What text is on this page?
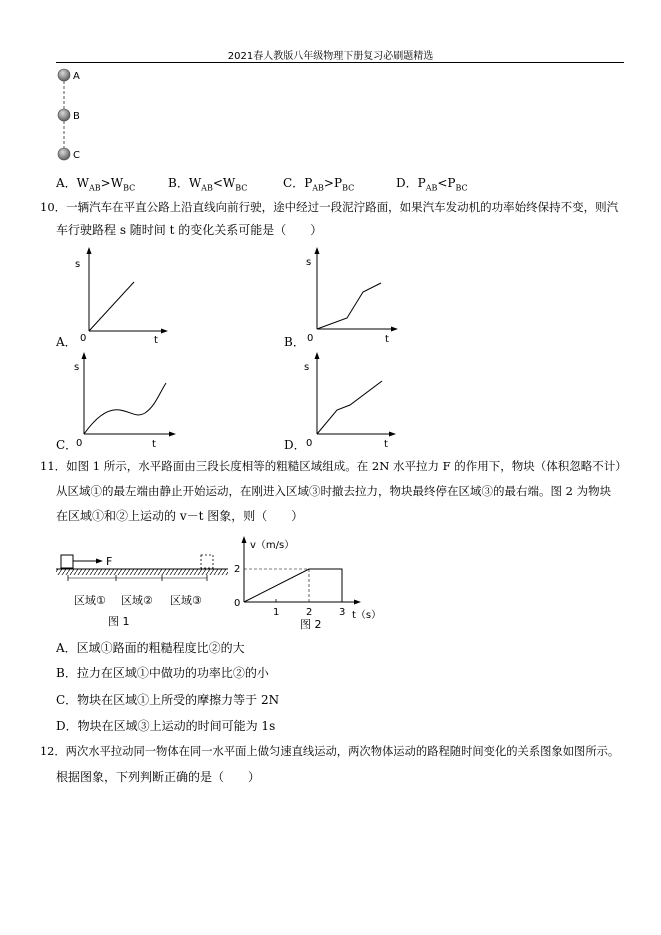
2021春人教版八年级物理下册复习必刷题精选
A
B
C
A．$W_{AB}>W_{BC}$	B．$W_{AB}<W_{BC}$	C．$P_{AB}>P_{BC}$	D．$P_{AB}<P_{BC}$
10．一辆汽车在平直公路上沿直线向前行驶，途中经过一段泥泞路面，如果汽车发动机的功率始终保持不变，则汽
车行驶路程 s 随时间 t 的变化关系可能是（　　）
s
0	t
A．
s
0	t
B．
s
0	t
C．
s
0	t
D．
11．如图 1 所示，水平路面由三段长度相等的粗糙区域组成。在 2N 水平拉力 F 的作用下，物块（体积忽略不计）
从区域①的最左端由静止开始运动，在刚进入区域③时撤去拉力，物块最终停在区域③的最右端。图 2 为物块
在区域①和②上运动的 v－t 图象，则（　　）
F
区域① 区域② 区域③
图 1
v（m/s）
2
0
1	2	3 t（s）
图 2
A．区域①路面的粗糙程度比②的大
B．拉力在区域①中做功的功率比②的小
C．物块在区域①上所受的摩擦力等于 2N
D．物块在区域③上运动的时间可能为 1s
12．两次水平拉动同一物体在同一水平面上做匀速直线运动，两次物体运动的路程随时间变化的关系图象如图所示。
根据图象，下列判断正确的是（　　）
